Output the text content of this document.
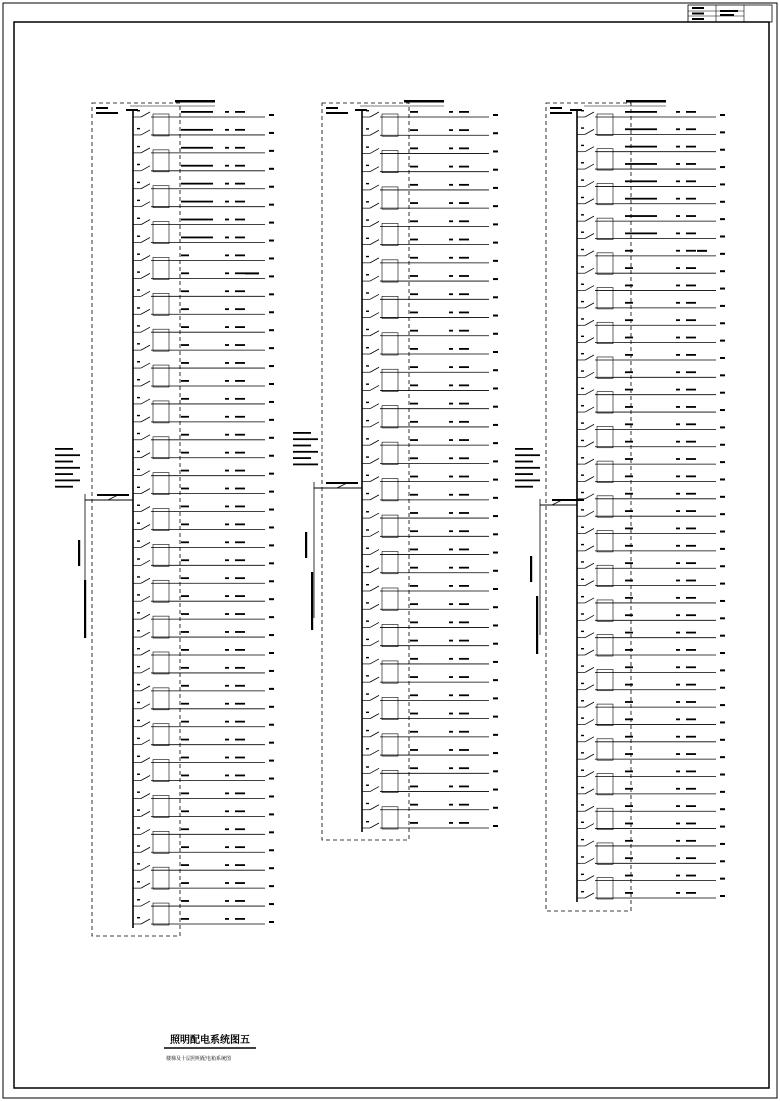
照明配电系统图五
楼梯及十层照明配电箱系统图
